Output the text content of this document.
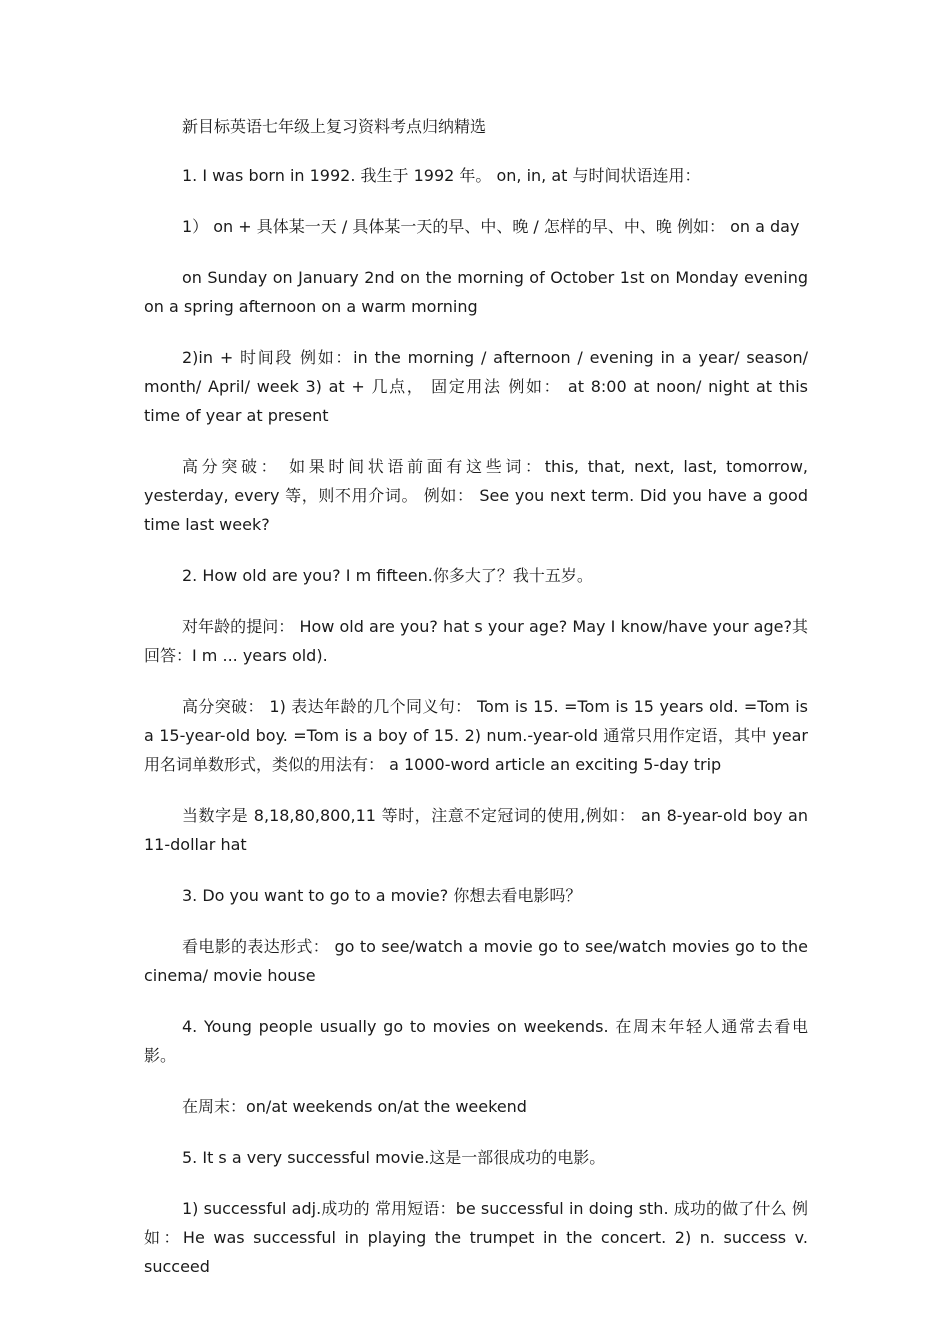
新目标英语七年级上复习资料考点归纳精选

1. I was born in 1992. 我生于 1992 年。 on, in, at 与时间状语连用：

1） on + 具体某一天 / 具体某一天的早、中、晚 / 怎样的早、中、晚 例如： on a day

on Sunday on January 2nd on the morning of October 1st on Monday evening on a spring afternoon on a warm morning

2)in + 时间段 例如：in the morning / afternoon / evening in a year/ season/ month/ April/ week 3) at + 几点， 固定用法 例如： at 8:00 at noon/ night at this time of year at present

高分突破： 如果时间状语前面有这些词：this, that, next, last, tomorrow, yesterday, every 等，则不用介词。 例如： See you next term. Did you have a good time last week?

2. How old are you? I m fifteen.你多大了？我十五岁。

对年龄的提问： How old are you? hat s your age? May I know/have your age?其回答：I m ... years old).

高分突破： 1) 表达年龄的几个同义句： Tom is 15. =Tom is 15 years old. =Tom is a 15-year-old boy. =Tom is a boy of 15. 2) num.-year-old 通常只用作定语，其中 year 用名词单数形式，类似的用法有： a 1000-word article an exciting 5-day trip

当数字是 8,18,80,800,11 等时，注意不定冠词的使用,例如： an 8-year-old boy an 11-dollar hat

3. Do you want to go to a movie? 你想去看电影吗？

看电影的表达形式： go to see/watch a movie go to see/watch movies go to the cinema/ movie house

4. Young people usually go to movies on weekends. 在周末年轻人通常去看电影。

在周末：on/at weekends on/at the weekend

5. It s a very successful movie.这是一部很成功的电影。

1) successful adj.成功的 常用短语：be successful in doing sth. 成功的做了什么 例如：He was successful in playing the trumpet in the concert. 2) n. success v. succeed
